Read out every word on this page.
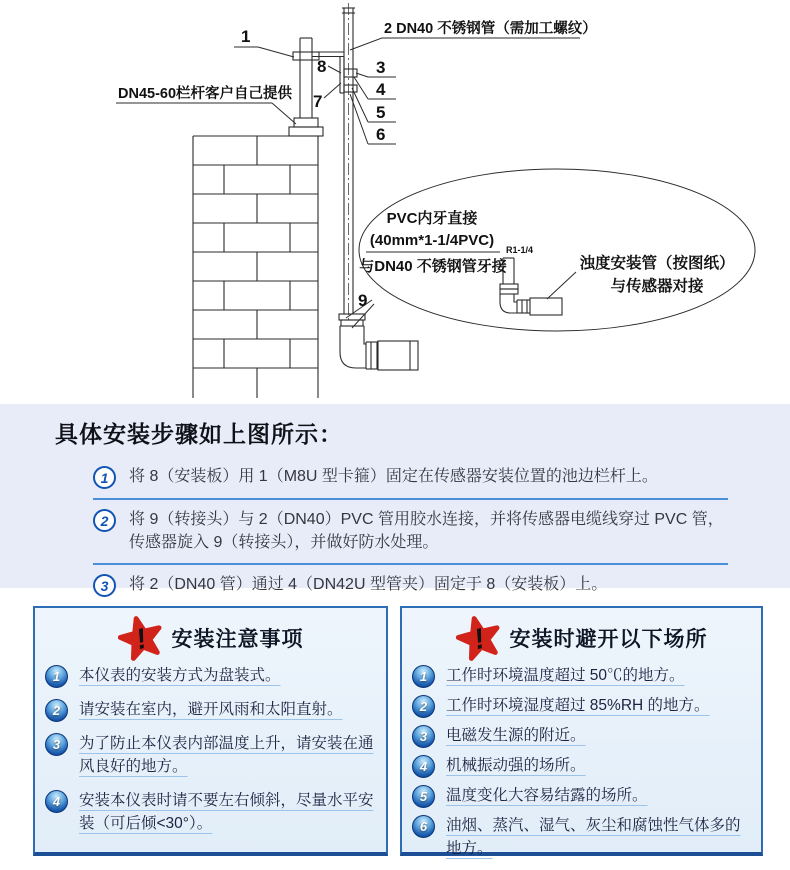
2 DN40 不锈钢管（需加工螺纹）
DN45-60栏杆客户自己提供
1
8
7
3
4
5
6
9
PVC内牙直接
(40mm*1-1/4PVC)
与DN40 不锈钢管牙接
R1-1/4
浊度安装管（按图纸）
与传感器对接
具体安装步骤如上图所示：
1	将 8（安装板）用 1（M8U 型卡箍）固定在传感器安装位置的池边栏杆上。

2	将 9（转接头）与 2（DN40）PVC 管用胶水连接，并将传感器电缆线穿过 PVC 管，传感器旋入 9（转接头），并做好防水处理。

3	将 2（DN40 管）通过 4（DN42U 型管夹）固定于 8（安装板）上。

! 安装注意事项
1	本仪表的安装方式为盘装式。

2	请安装在室内，避开风雨和太阳直射。

3	为了防止本仪表内部温度上升，请安装在通风良好的地方。

4	安装本仪表时请不要左右倾斜，尽量水平安装（可后倾<30°）。

! 安装时避开以下场所
1	工作时环境温度超过 50℃的地方。

2	工作时环境湿度超过 85%RH 的地方。

3	电磁发生源的附近。

4	机械振动强的场所。

5	温度变化大容易结露的场所。

6	油烟、蒸汽、湿气、灰尘和腐蚀性气体多的地方。
